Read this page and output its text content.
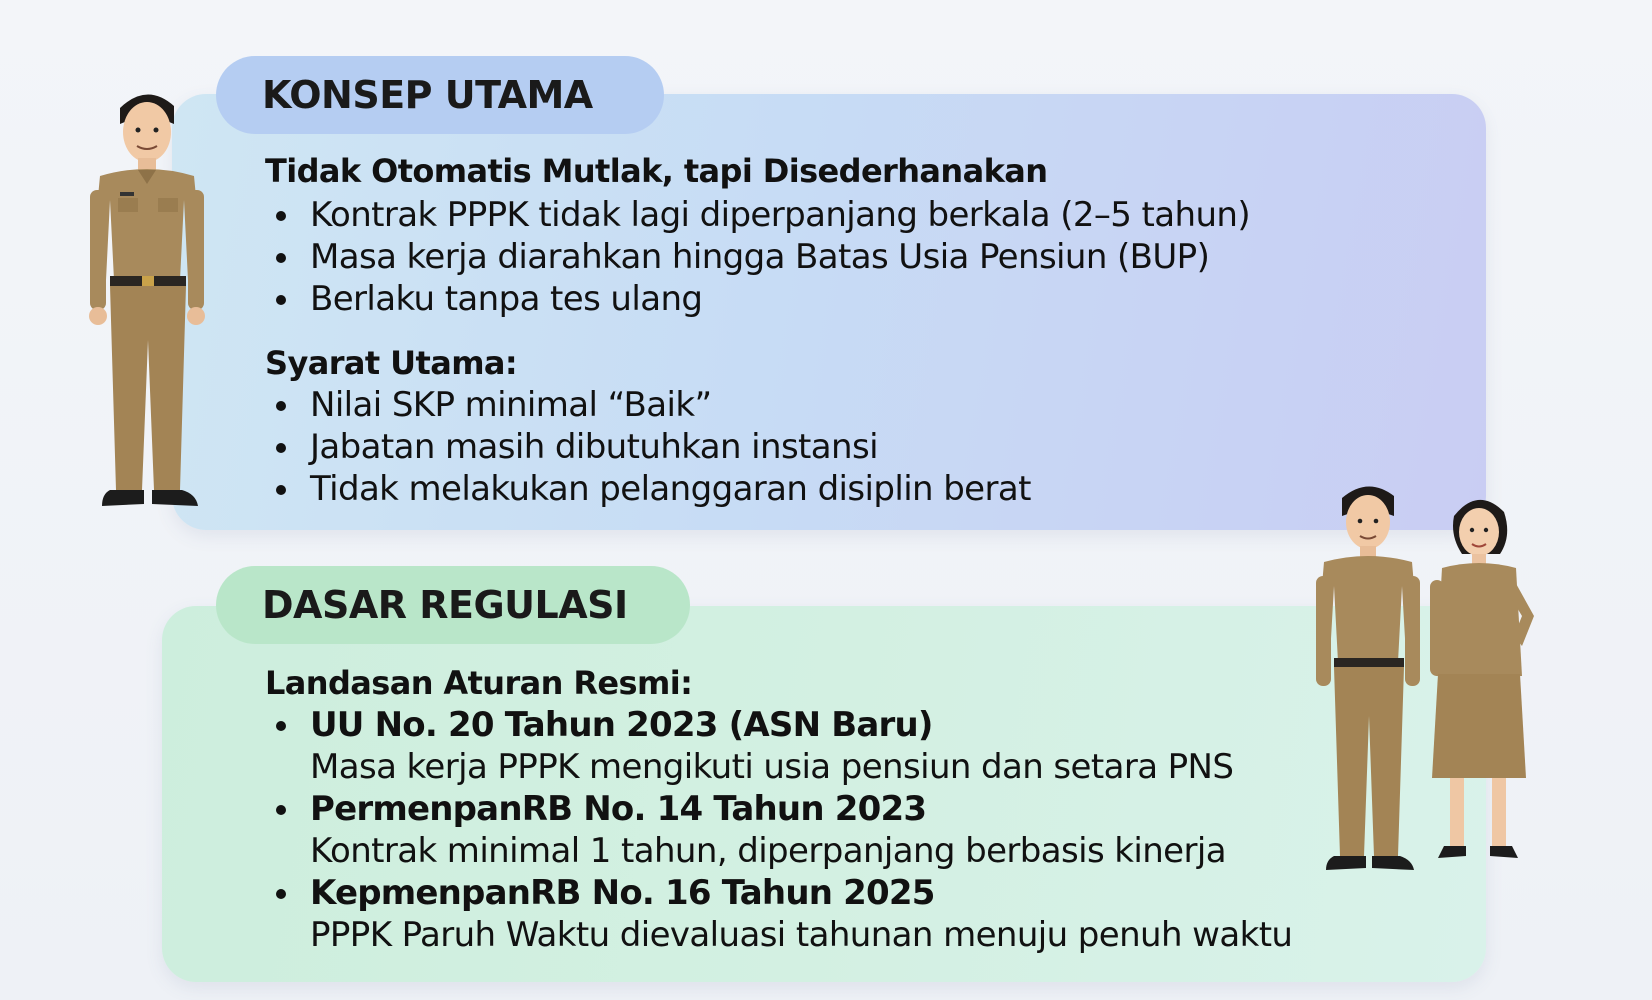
KONSEP UTAMA
Tidak Otomatis Mutlak, tapi Disederhanakan
Kontrak PPPK tidak lagi diperpanjang berkala (2–5 tahun)
Masa kerja diarahkan hingga Batas Usia Pensiun (BUP)
Berlaku tanpa tes ulang
Syarat Utama:
Nilai SKP minimal “Baik”
Jabatan masih dibutuhkan instansi
Tidak melakukan pelanggaran disiplin berat
DASAR REGULASI
Landasan Aturan Resmi:
UU No. 20 Tahun 2023 (ASN Baru)
Masa kerja PPPK mengikuti usia pensiun dan setara PNS
PermenpanRB No. 14 Tahun 2023
Kontrak minimal 1 tahun, diperpanjang berbasis kinerja
KepmenpanRB No. 16 Tahun 2025
PPPK Paruh Waktu dievaluasi tahunan menuju penuh waktu
